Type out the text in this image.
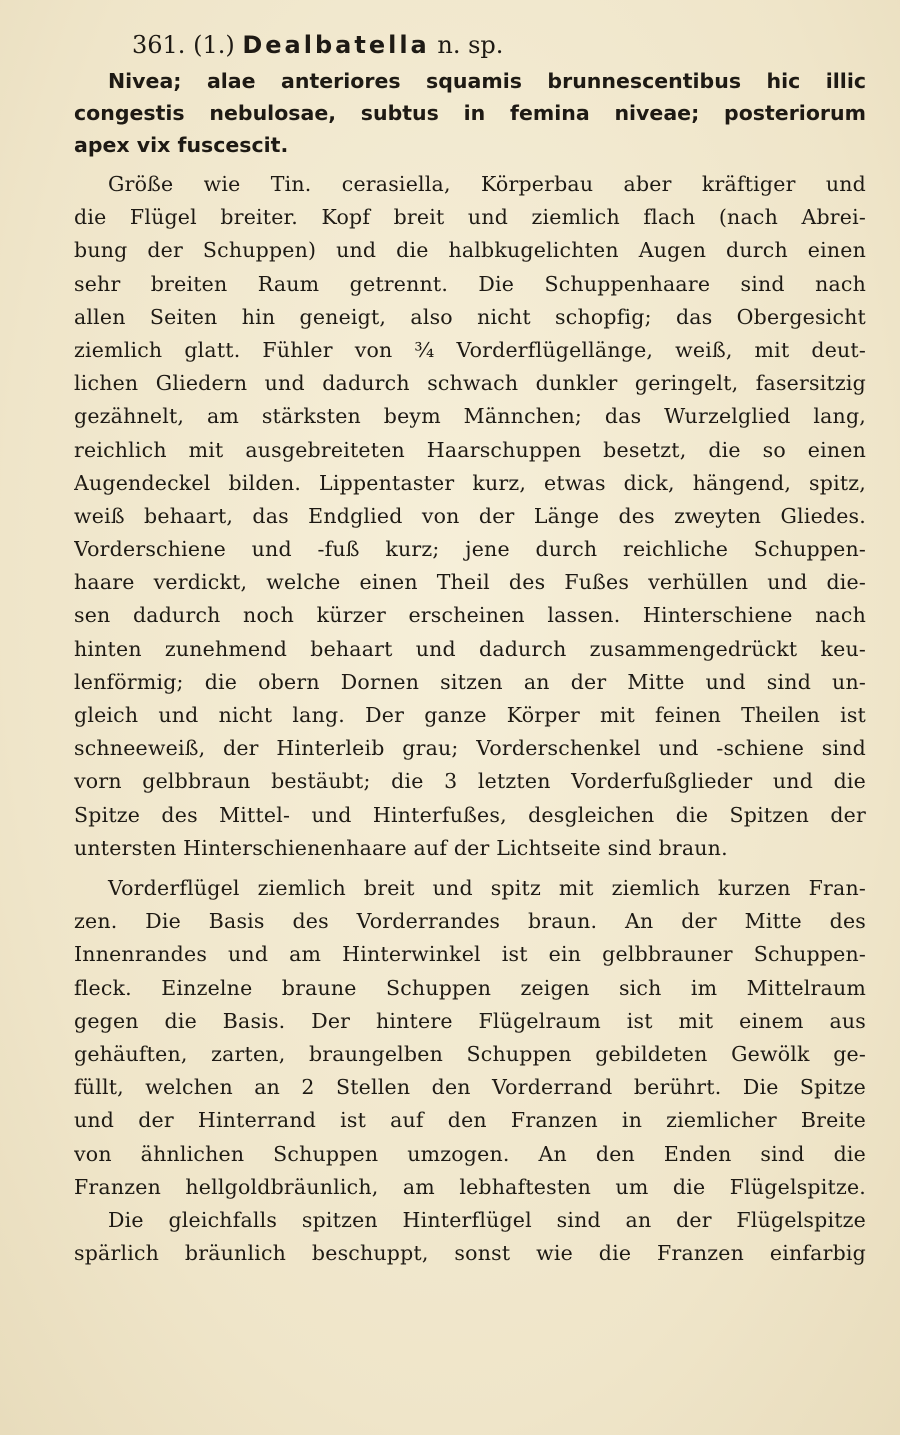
361. (1.) Dealbatella n. sp.
Nivea; alae anteriores squamis brunnescentibus hic illic
congestis nebulosae, subtus in femina niveae; posteriorum
apex vix fuscescit.
Größe wie Tin. cerasiella, Körperbau aber kräftiger und
die Flügel breiter. Kopf breit und ziemlich flach (nach Abrei-
bung der Schuppen) und die halbkugelichten Augen durch einen
sehr breiten Raum getrennt. Die Schuppenhaare sind nach
allen Seiten hin geneigt, also nicht schopfig; das Obergesicht
ziemlich glatt. Fühler von ¾ Vorderflügellänge, weiß, mit deut-
lichen Gliedern und dadurch schwach dunkler geringelt, fasersitzig
gezähnelt, am stärksten beym Männchen; das Wurzelglied lang,
reichlich mit ausgebreiteten Haarschuppen besetzt, die so einen
Augendeckel bilden. Lippentaster kurz, etwas dick, hängend, spitz,
weiß behaart, das Endglied von der Länge des zweyten Gliedes.
Vorderschiene und -fuß kurz; jene durch reichliche Schuppen-
haare verdickt, welche einen Theil des Fußes verhüllen und die-
sen dadurch noch kürzer erscheinen lassen. Hinterschiene nach
hinten zunehmend behaart und dadurch zusammengedrückt keu-
lenförmig; die obern Dornen sitzen an der Mitte und sind un-
gleich und nicht lang. Der ganze Körper mit feinen Theilen ist
schneeweiß, der Hinterleib grau; Vorderschenkel und -schiene sind
vorn gelbbraun bestäubt; die 3 letzten Vorderfußglieder und die
Spitze des Mittel- und Hinterfußes, desgleichen die Spitzen der
untersten Hinterschienenhaare auf der Lichtseite sind braun.
Vorderflügel ziemlich breit und spitz mit ziemlich kurzen Fran-
zen. Die Basis des Vorderrandes braun. An der Mitte des
Innenrandes und am Hinterwinkel ist ein gelbbrauner Schuppen-
fleck. Einzelne braune Schuppen zeigen sich im Mittelraum
gegen die Basis. Der hintere Flügelraum ist mit einem aus
gehäuften, zarten, braungelben Schuppen gebildeten Gewölk ge-
füllt, welchen an 2 Stellen den Vorderrand berührt. Die Spitze
und der Hinterrand ist auf den Franzen in ziemlicher Breite
von ähnlichen Schuppen umzogen. An den Enden sind die
Franzen hellgoldbräunlich, am lebhaftesten um die Flügelspitze.
Die gleichfalls spitzen Hinterflügel sind an der Flügelspitze
spärlich bräunlich beschuppt, sonst wie die Franzen einfarbig
